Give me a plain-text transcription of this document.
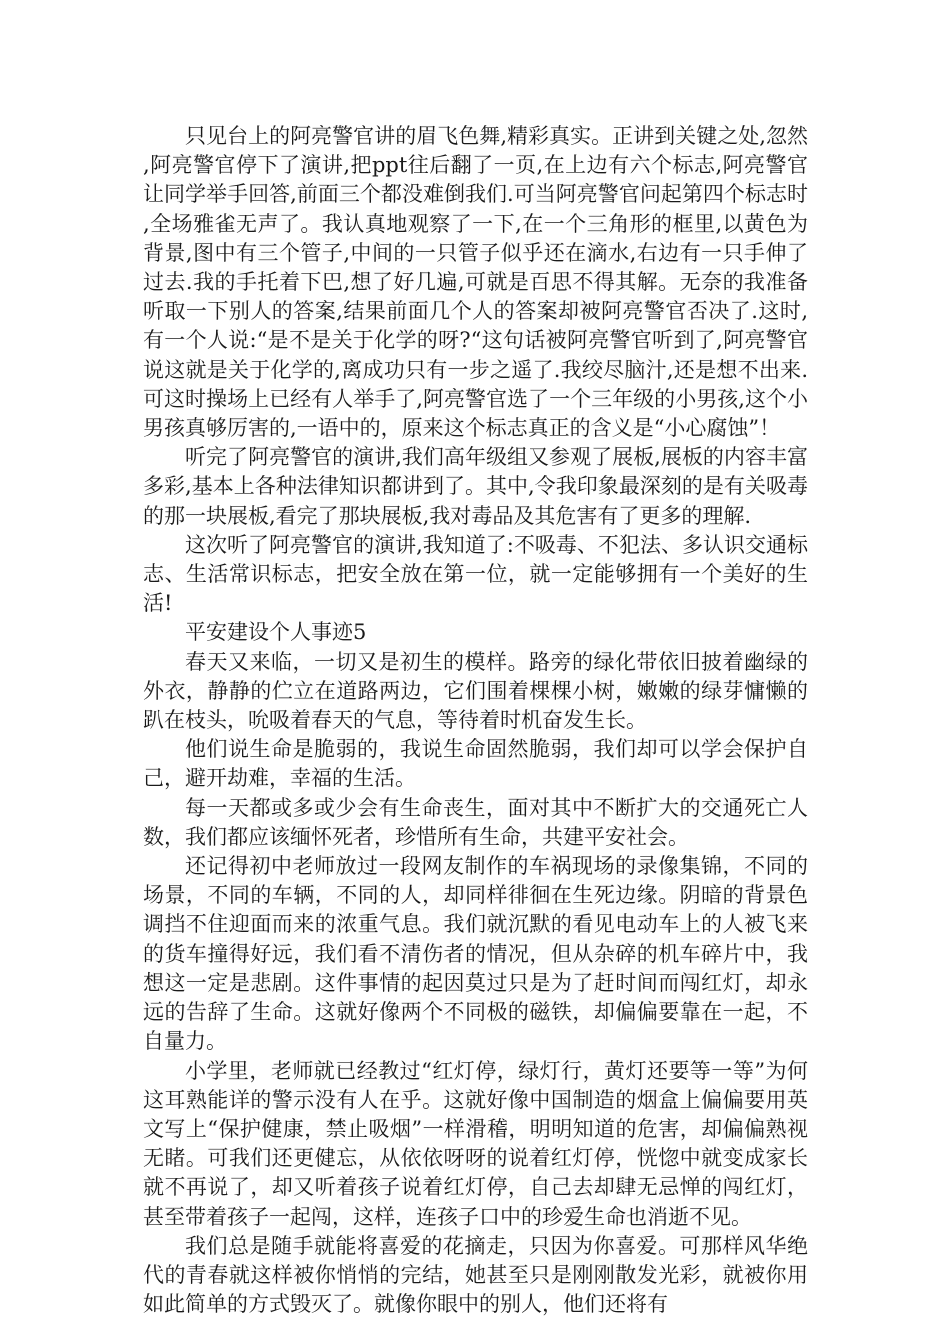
只见台上的阿亮警官讲的眉飞色舞,精彩真实。正讲到关键之处,忽然,阿亮警官停下了演讲,把ppt往后翻了一页,在上边有六个标志,阿亮警官让同学举手回答,前面三个都没难倒我们.可当阿亮警官问起第四个标志时,全场雅雀无声了。我认真地观察了一下,在一个三角形的框里,以黄色为背景,图中有三个管子,中间的一只管子似乎还在滴水,右边有一只手伸了过去.我的手托着下巴,想了好几遍,可就是百思不得其解。无奈的我准备听取一下别人的答案,结果前面几个人的答案却被阿亮警官否决了.这时,有一个人说:“是不是关于化学的呀?“这句话被阿亮警官听到了,阿亮警官说这就是关于化学的,离成功只有一步之遥了.我绞尽脑汁,还是想不出来.可这时操场上已经有人举手了,阿亮警官选了一个三年级的小男孩,这个小男孩真够厉害的,一语中的，原来这个标志真正的含义是“小心腐蚀”！

听完了阿亮警官的演讲,我们高年级组又参观了展板,展板的内容丰富多彩,基本上各种法律知识都讲到了。其中,令我印象最深刻的是有关吸毒的那一块展板,看完了那块展板,我对毒品及其危害有了更多的理解.

这次听了阿亮警官的演讲,我知道了:不吸毒、不犯法、多认识交通标志、生活常识标志，把安全放在第一位，就一定能够拥有一个美好的生活!

平安建设个人事迹5

春天又来临，一切又是初生的模样。路旁的绿化带依旧披着幽绿的外衣，静静的伫立在道路两边，它们围着棵棵小树，嫩嫩的绿芽慵懒的趴在枝头，吮吸着春天的气息，等待着时机奋发生长。

他们说生命是脆弱的，我说生命固然脆弱，我们却可以学会保护自己，避开劫难，幸福的生活。

每一天都或多或少会有生命丧生，面对其中不断扩大的交通死亡人数，我们都应该缅怀死者，珍惜所有生命，共建平安社会。

还记得初中老师放过一段网友制作的车祸现场的录像集锦，不同的场景，不同的车辆，不同的人，却同样徘徊在生死边缘。阴暗的背景色调挡不住迎面而来的浓重气息。我们就沉默的看见电动车上的人被飞来的货车撞得好远，我们看不清伤者的情况，但从杂碎的机车碎片中，我想这一定是悲剧。这件事情的起因莫过只是为了赶时间而闯红灯，却永远的告辞了生命。这就好像两个不同极的磁铁，却偏偏要靠在一起，不自量力。

小学里，老师就已经教过“红灯停，绿灯行，黄灯还要等一等”为何这耳熟能详的警示没有人在乎。这就好像中国制造的烟盒上偏偏要用英文写上“保护健康，禁止吸烟”一样滑稽，明明知道的危害，却偏偏熟视无睹。可我们还更健忘，从依依呀呀的说着红灯停，恍惚中就变成家长就不再说了，却又听着孩子说着红灯停，自己去却肆无忌惮的闯红灯，甚至带着孩子一起闯，这样，连孩子口中的珍爱生命也消逝不见。

我们总是随手就能将喜爱的花摘走，只因为你喜爱。可那样风华绝代的青春就这样被你悄悄的完结，她甚至只是刚刚散发光彩，就被你用如此简单的方式毁灭了。就像你眼中的别人，他们还将有
